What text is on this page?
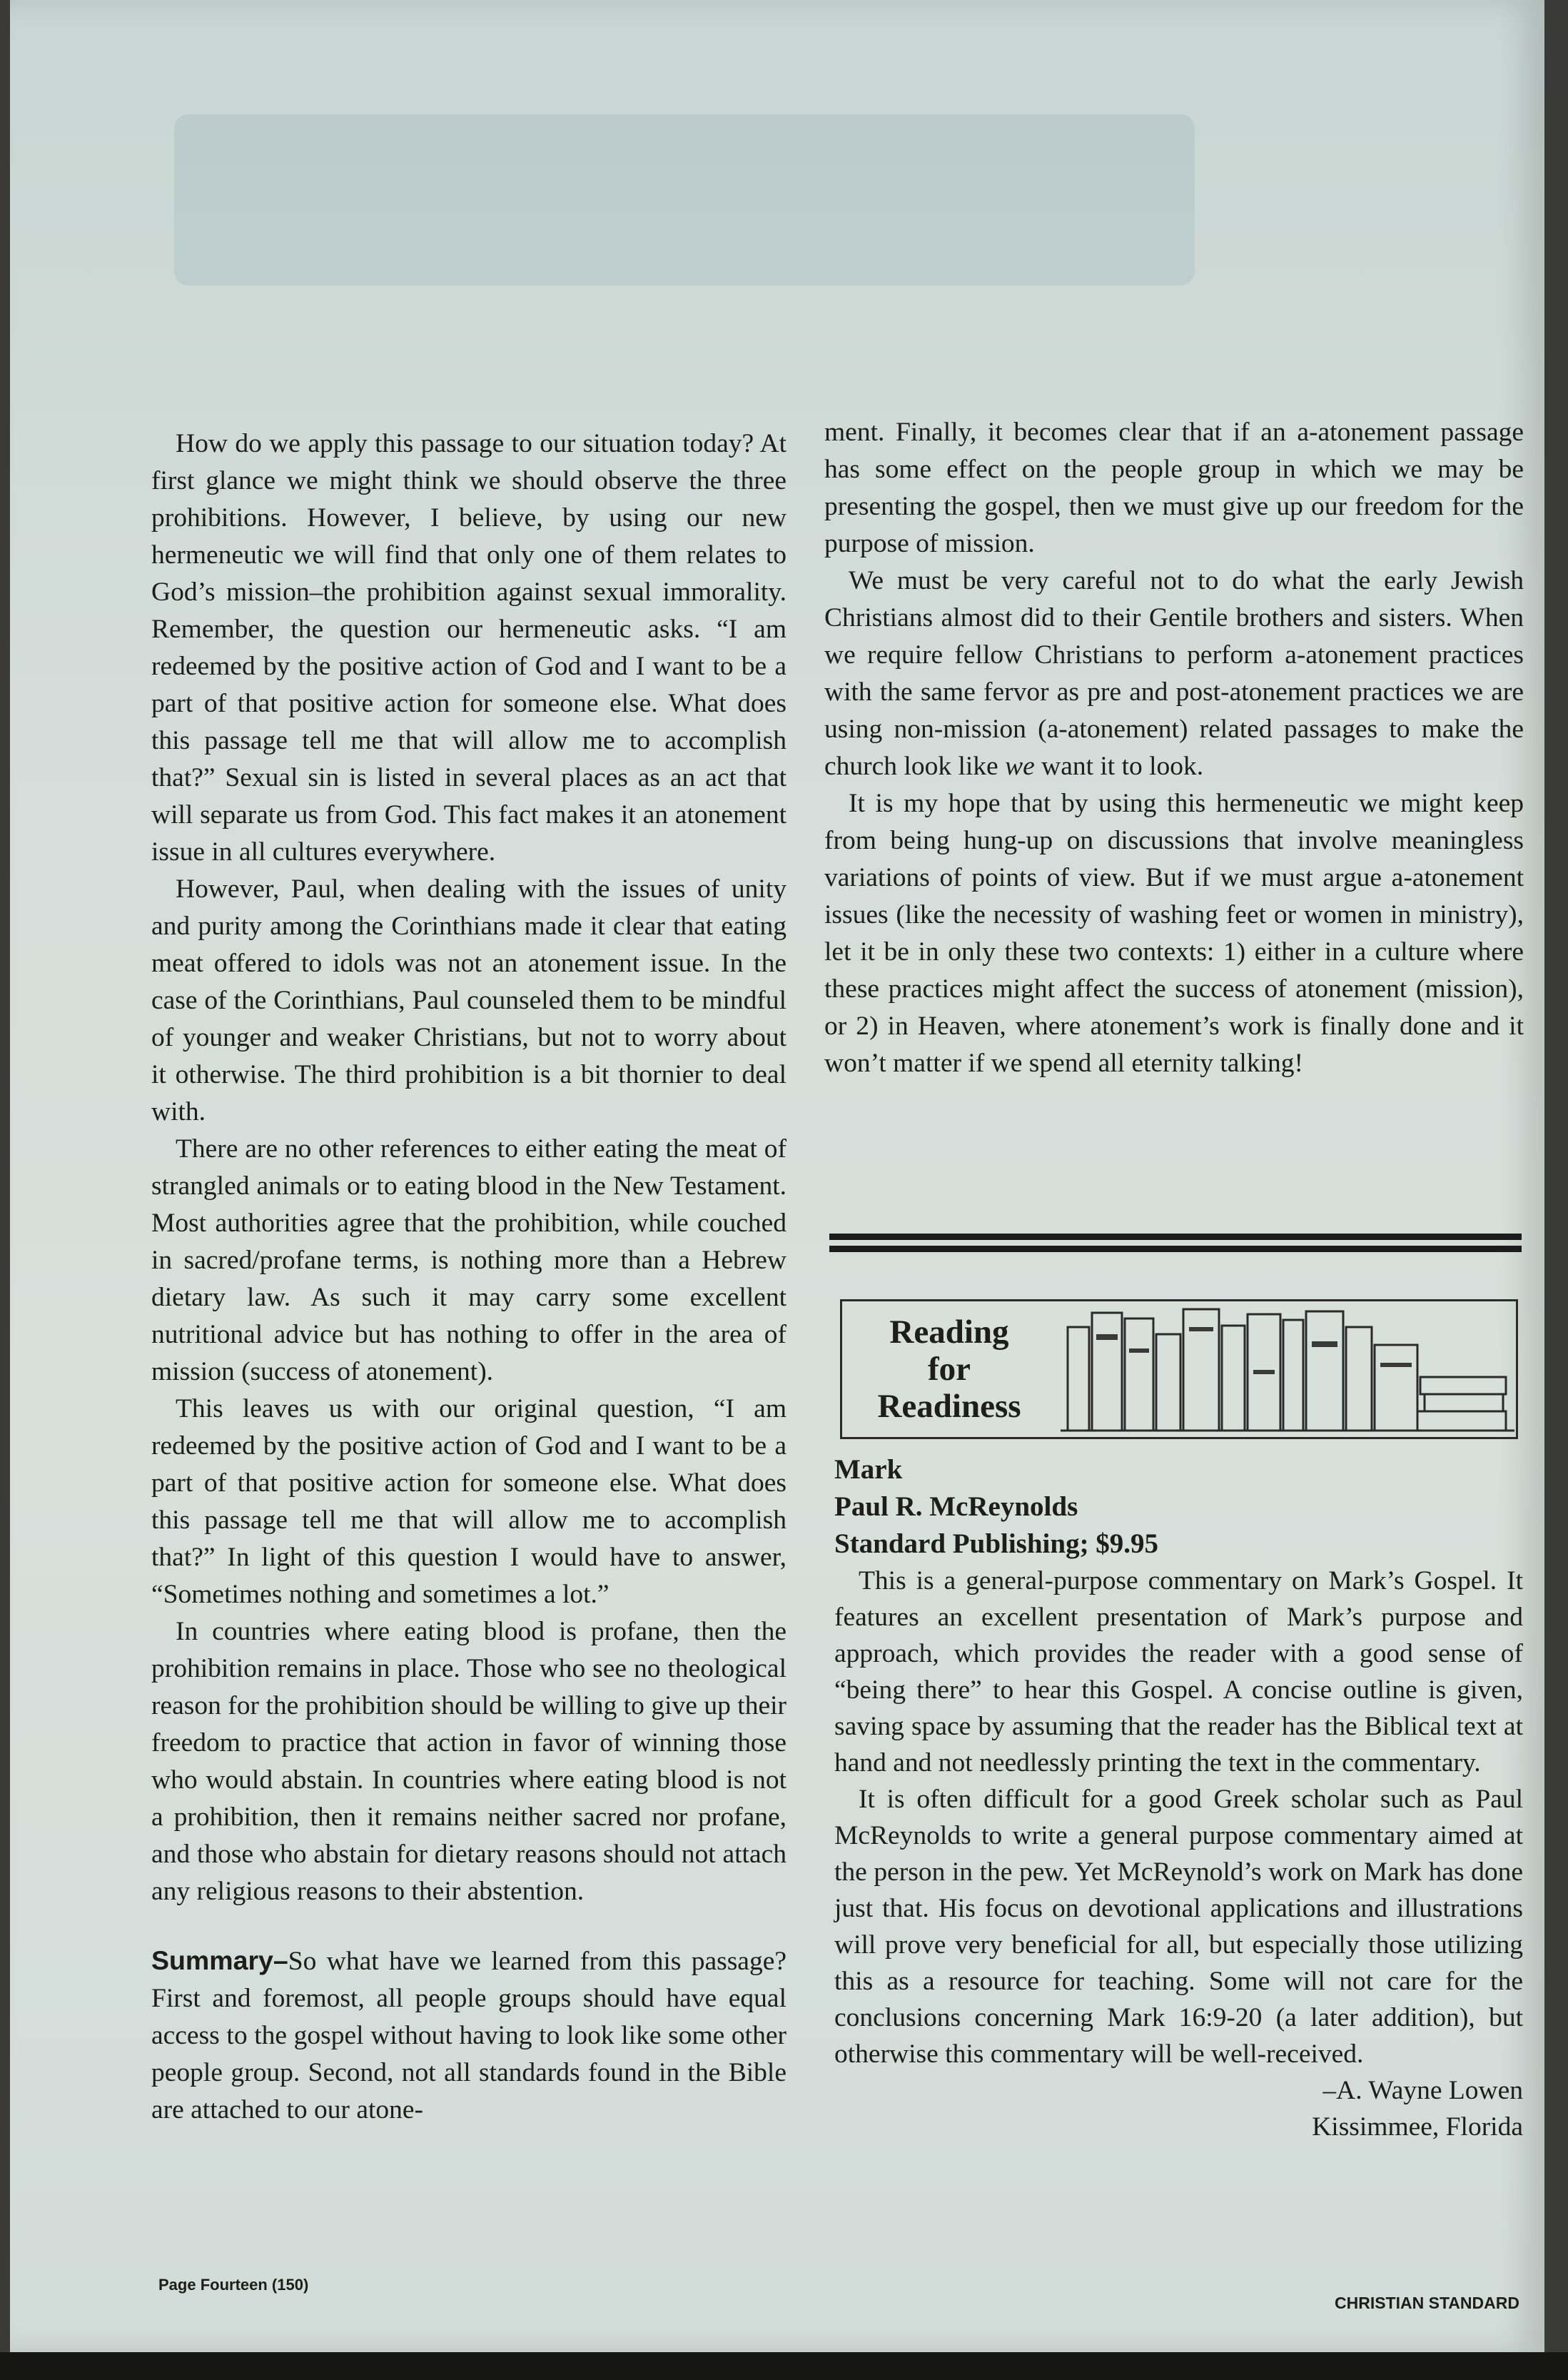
How do we apply this passage to our situation today? At first glance we might think we should observe the three prohibitions. However, I believe, by using our new hermeneutic we will find that only one of them relates to God’s mission–the prohibition against sexual immorality. Remember, the question our hermeneutic asks. “I am redeemed by the positive action of God and I want to be a part of that positive action for someone else. What does this passage tell me that will allow me to accomplish that?” Sexual sin is listed in several places as an act that will separate us from God. This fact makes it an atonement issue in all cultures everywhere.

However, Paul, when dealing with the issues of unity and purity among the Corinthians made it clear that eating meat offered to idols was not an atonement issue. In the case of the Corinthians, Paul counseled them to be mindful of younger and weaker Christians, but not to worry about it otherwise. The third prohibition is a bit thornier to deal with.

There are no other references to either eating the meat of strangled animals or to eating blood in the New Testament. Most authorities agree that the prohibition, while couched in sacred/profane terms, is nothing more than a Hebrew dietary law. As such it may carry some excellent nutritional advice but has nothing to offer in the area of mission (success of atonement).

This leaves us with our original question, “I am redeemed by the positive action of God and I want to be a part of that positive action for someone else. What does this passage tell me that will allow me to accomplish that?” In light of this question I would have to answer, “Sometimes nothing and sometimes a lot.”

In countries where eating blood is profane, then the prohibition remains in place. Those who see no theological reason for the prohibition should be willing to give up their freedom to practice that action in favor of winning those who would abstain. In countries where eating blood is not a prohibition, then it remains neither sacred nor profane, and those who abstain for dietary reasons should not attach any religious reasons to their abstention.

Summary–So what have we learned from this passage? First and foremost, all people groups should have equal access to the gospel without having to look like some other people group. Second, not all standards found in the Bible are attached to our atone-

ment. Finally, it becomes clear that if an a-atonement passage has some effect on the people group in which we may be presenting the gospel, then we must give up our freedom for the purpose of mission.

We must be very careful not to do what the early Jewish Christians almost did to their Gentile brothers and sisters. When we require fellow Christians to perform a-atonement practices with the same fervor as pre and post-atonement practices we are using non-mission (a-atonement) related passages to make the church look like we want it to look.

It is my hope that by using this hermeneutic we might keep from being hung-up on discussions that involve meaningless variations of points of view. But if we must argue a-atonement issues (like the necessity of washing feet or women in ministry), let it be in only these two contexts: 1) either in a culture where these practices might affect the success of atonement (mission), or 2) in Heaven, where atonement’s work is finally done and it won’t matter if we spend all eternity talking!

Reading
for
Readiness
Mark
Paul R. McReynolds
Standard Publishing; $9.95

This is a general-purpose commentary on Mark’s Gospel. It features an excellent presentation of Mark’s purpose and approach, which provides the reader with a good sense of “being there” to hear this Gospel. A concise outline is given, saving space by assuming that the reader has the Biblical text at hand and not needlessly printing the text in the commentary.

It is often difficult for a good Greek scholar such as Paul McReynolds to write a general purpose commentary aimed at the person in the pew. Yet McReynold’s work on Mark has done just that. His focus on devotional applications and illustrations will prove very beneficial for all, but especially those utilizing this as a resource for teaching. Some will not care for the conclusions concerning Mark 16:9-20 (a later addition), but otherwise this commentary will be well-received.

–A. Wayne Lowen

Kissimmee, Florida

Page Fourteen (150)
CHRISTIAN STANDARD
